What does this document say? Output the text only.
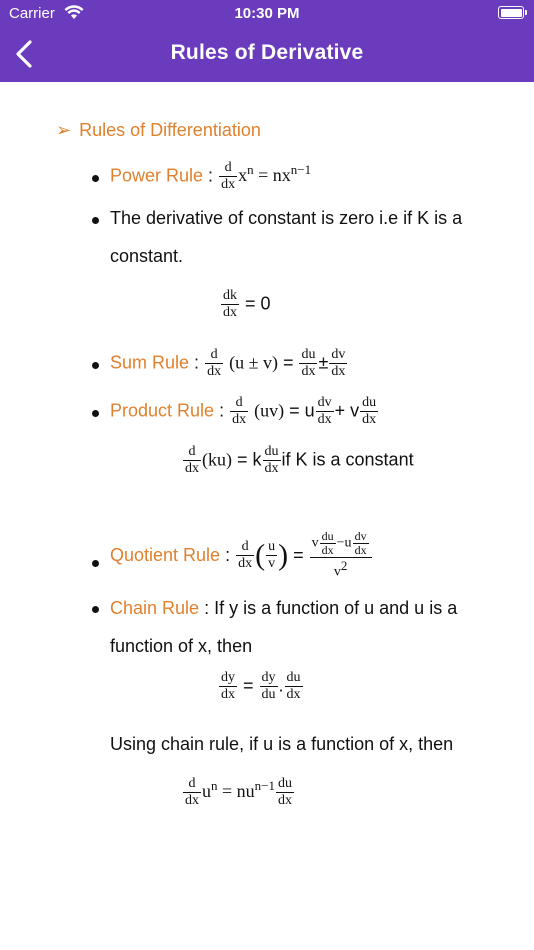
Carrier	10:30 PM
Rules of Derivative
➢ Rules of Differentiation
Power Rule : $\frac{d}{dx} x^n = nx^{n-1}$
The derivative of constant is zero i.e if K is a
constant.
$\frac{dk}{dx} = 0$
Sum Rule : $\frac{d}{dx} (u \pm v) = \frac{du}{dx} \pm \frac{dv}{dx}$
Product Rule : $\frac{d}{dx} (uv) = u \frac{dv}{dx} + v \frac{du}{dx}$
$\frac{d}{dx} (ku) = k \frac{du}{dx}$ if K is a constant
Quotient Rule : $\frac{d}{dx}$ ( $\frac{u}{v}$ ) = $\frac{v \frac{du}{dx} -u \frac{dv}{dx}}{v2}$
Chain Rule : If y is a function of u and u is a
function of x, then
$\frac{dy}{dx} = \frac{dy}{du}$ . $\frac{du}{dx}$
Using chain rule, if u is a function of x, then
$\frac{d}{dx} u^n = nu^{n-1} \frac{du}{dx}$
